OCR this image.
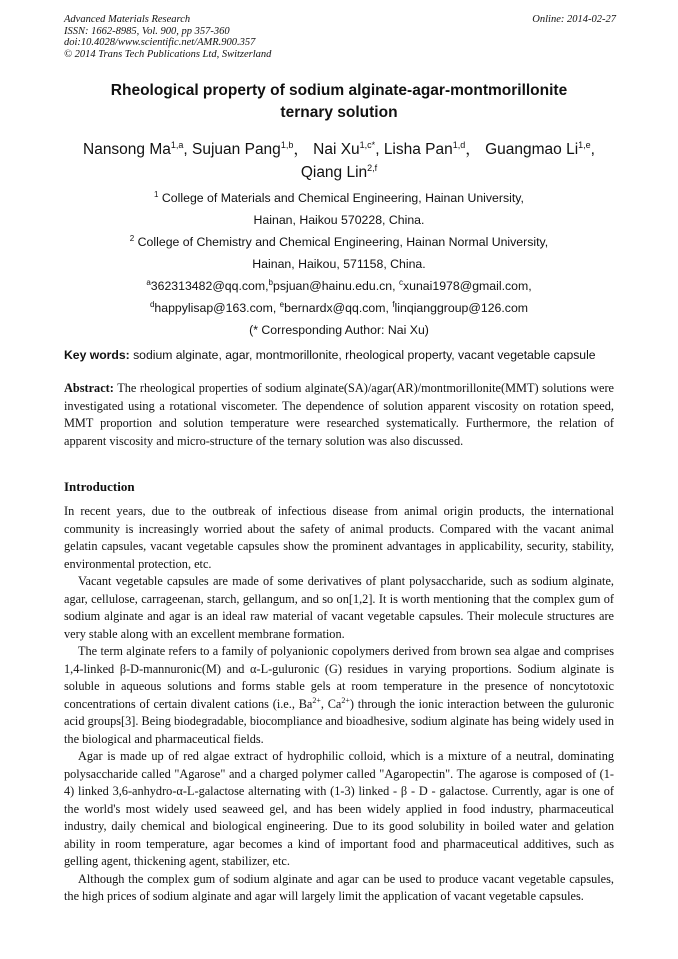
Advanced Materials Research
ISSN: 1662-8985, Vol. 900, pp 357-360
doi:10.4028/www.scientific.net/AMR.900.357
© 2014 Trans Tech Publications Ltd, Switzerland
Online: 2014-02-27
Rheological property of sodium alginate-agar-montmorillonite
ternary solution
Nansong Ma$^{1,a}$, Sujuan Pang$^{1,b}$， Nai $Xu^{1,c*}$, Lisha Pan$^{1,d}$， Guangmao Li$^{1,e}$,
Qiang Lin$^{2,f}$
$^1$ College of Materials and Chemical Engineering, Hainan University,
Hainan, Haikou 570228, China.
$^2$ College of Chemistry and Chemical Engineering, Hainan Normal University,
Hainan, Haikou, 571158, China.
$^a$362313482@qq.com,$^b$psjuan@hainu.edu.cn, $^c$xunai1978@gmail.com,
$^d$happylisap@163.com, $^e$bernardx@qq.com, $^f$linqianggroup@126.com
(* Corresponding Author: Nai Xu)
Key words: sodium alginate, agar, montmorillonite, rheological property, vacant vegetable capsule
Abstract: The rheological properties of sodium alginate(SA)/agar(AR)/montmorillonite(MMT) solutions were investigated using a rotational viscometer. The dependence of solution apparent viscosity on rotation speed, MMT proportion and solution temperature were researched systematically. Furthermore, the relation of apparent viscosity and micro-structure of the ternary solution was also discussed.
Introduction
In recent years, due to the outbreak of infectious disease from animal origin products, the international community is increasingly worried about the safety of animal products. Compared with the vacant animal gelatin capsules, vacant vegetable capsules show the prominent advantages in applicability, security, stability, environmental protection, etc.
Vacant vegetable capsules are made of some derivatives of plant polysaccharide, such as sodium alginate, agar, cellulose, carrageenan, starch, gellangum, and so on[1,2]. It is worth mentioning that the complex gum of sodium alginate and agar is an ideal raw material of vacant vegetable capsules. Their molecule structures are very stable along with an excellent membrane formation.
The term alginate refers to a family of polyanionic copolymers derived from brown sea algae and comprises 1,4-linked β-D-mannuronic(M) and α-L-guluronic (G) residues in varying proportions. Sodium alginate is soluble in aqueous solutions and forms stable gels at room temperature in the presence of noncytotoxic concentrations of certain divalent cations (i.e., $Ba^{2+}$, $Ca^{2+}$) through the ionic interaction between the guluronic acid groups[3]. Being biodegradable, biocompliance and bioadhesive, sodium alginate has being widely used in the biological and pharmaceutical fields.
Agar is made up of red algae extract of hydrophilic colloid, which is a mixture of a neutral, dominating polysaccharide called "Agarose" and a charged polymer called "Agaropectin". The agarose is composed of (1-4) linked 3,6-anhydro-α-L-galactose alternating with (1-3) linked - β - D - galactose. Currently, agar is one of the world's most widely used seaweed gel, and has been widely applied in food industry, pharmaceutical industry, daily chemical and biological engineering. Due to its good solubility in boiled water and gelation ability in room temperature, agar becomes a kind of important food and pharmaceutical additives, such as gelling agent, thickening agent, stabilizer, etc.
Although the complex gum of sodium alginate and agar can be used to produce vacant vegetable capsules, the high prices of sodium alginate and agar will largely limit the application of vacant vegetable capsules.
